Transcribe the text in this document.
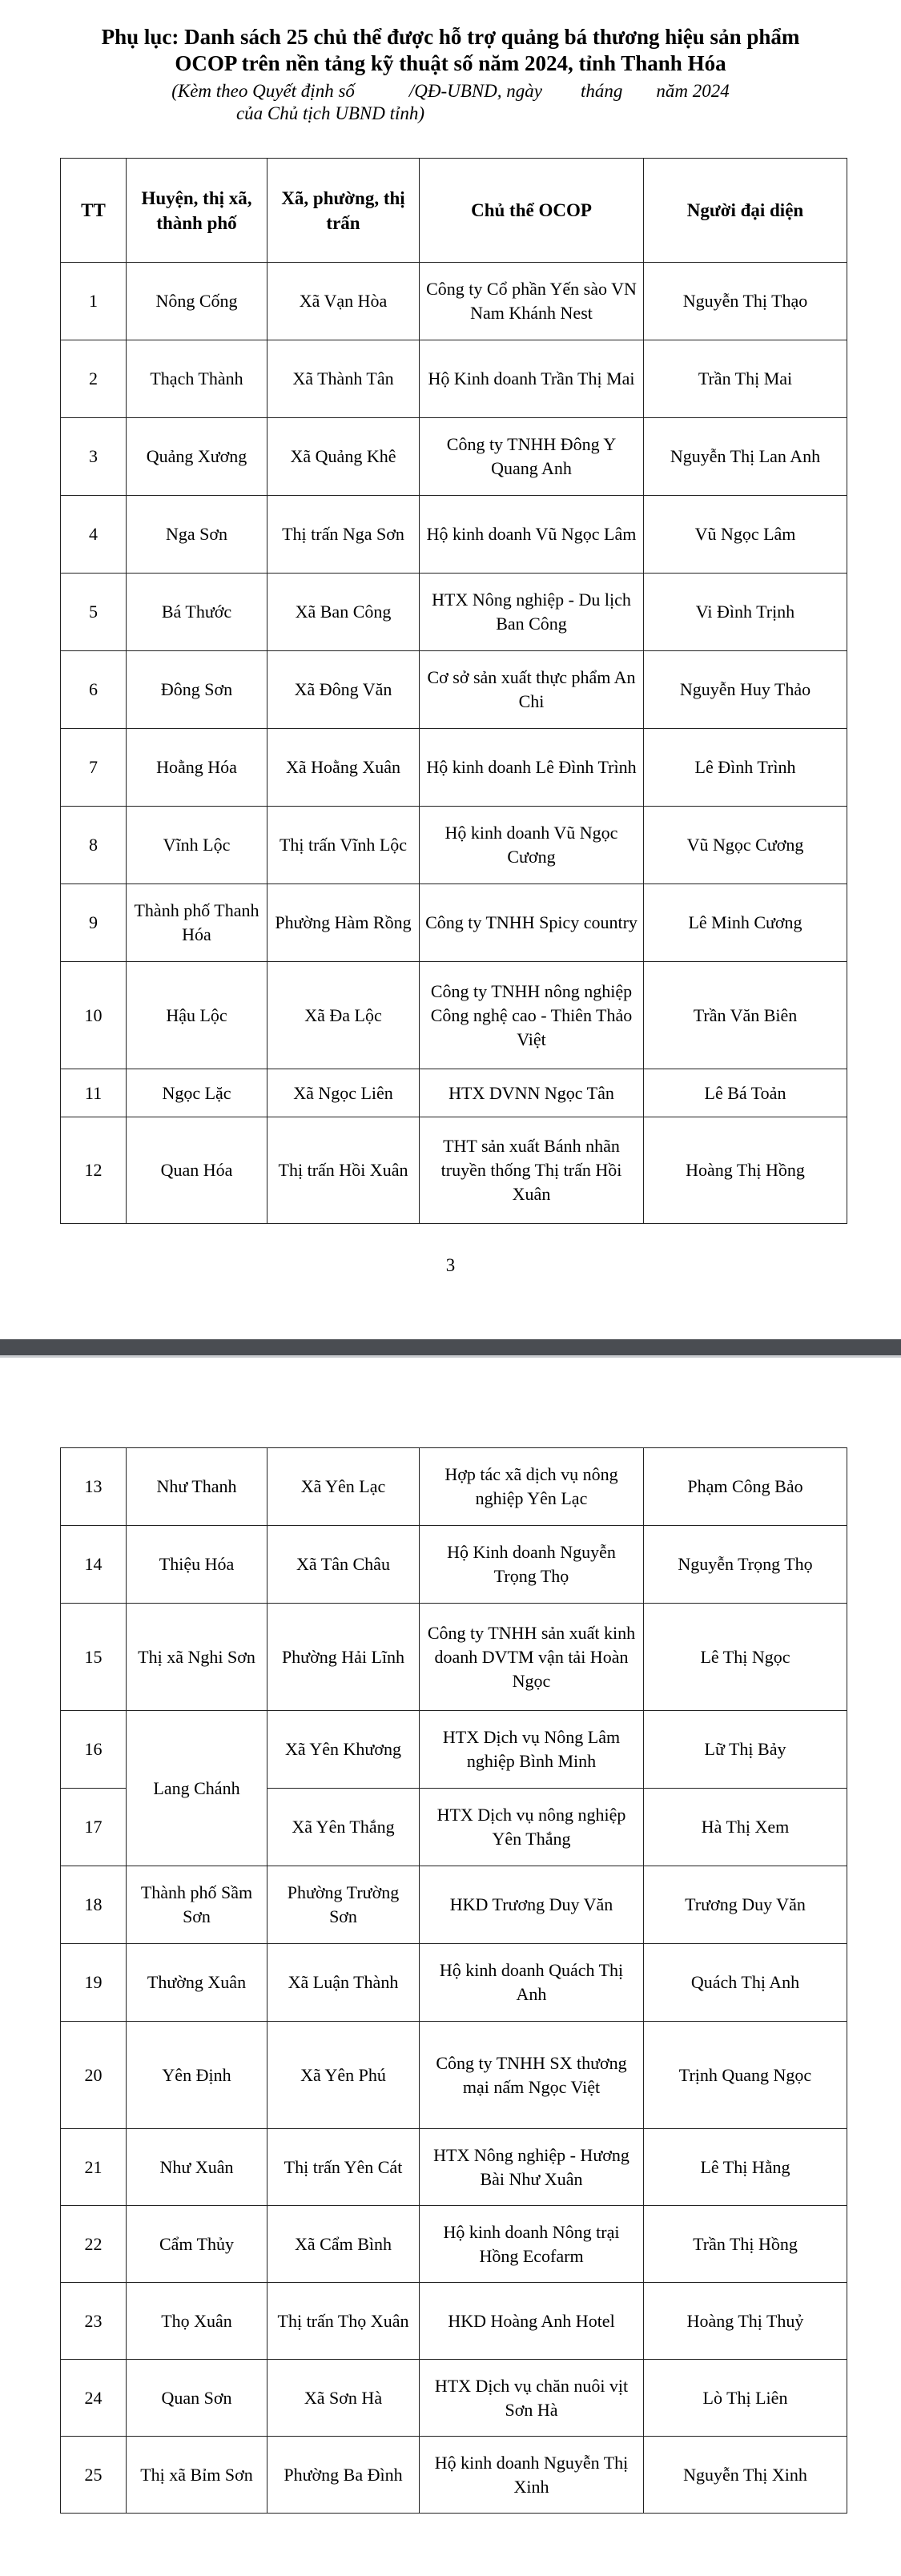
Phụ lục: Danh sách 25 chủ thể được hỗ trợ quảng bá thương hiệu sản phẩm
OCOP trên nền tảng kỹ thuật số năm 2024, tỉnh Thanh Hóa
(Kèm theo Quyết định số	/QĐ-UBND, ngày tháng năm 2024
của Chủ tịch UBND tỉnh)
TT	Huyện, thị xã, thành phố	Xã, phường, thị trấn	Chủ thể OCOP	Người đại diện
1	Nông Cống	Xã Vạn Hòa	Công ty Cổ phần Yến sào VN Nam Khánh Nest	Nguyễn Thị Thạo
2	Thạch Thành	Xã Thành Tân	Hộ Kinh doanh Trần Thị Mai	Trần Thị Mai
3	Quảng Xương	Xã Quảng Khê	Công ty TNHH Đông Y Quang Anh	Nguyễn Thị Lan Anh
4	Nga Sơn	Thị trấn Nga Sơn	Hộ kinh doanh Vũ Ngọc Lâm	Vũ Ngọc Lâm
5	Bá Thước	Xã Ban Công	HTX Nông nghiệp - Du lịch Ban Công	Vi Đình Trịnh
6	Đông Sơn	Xã Đông Văn	Cơ sở sản xuất thực phẩm An Chi	Nguyễn Huy Thảo
7	Hoằng Hóa	Xã Hoằng Xuân	Hộ kinh doanh Lê Đình Trình	Lê Đình Trình
8	Vĩnh Lộc	Thị trấn Vĩnh Lộc	Hộ kinh doanh Vũ Ngọc Cương	Vũ Ngọc Cương
9	Thành phố Thanh Hóa	Phường Hàm Rồng	Công ty TNHH Spicy country	Lê Minh Cương
10	Hậu Lộc	Xã Đa Lộc	Công ty TNHH nông nghiệp Công nghệ cao - Thiên Thảo Việt	Trần Văn Biên
11	Ngọc Lặc	Xã Ngọc Liên	HTX DVNN Ngọc Tân	Lê Bá Toản
12	Quan Hóa	Thị trấn Hồi Xuân	THT sản xuất Bánh nhãn truyền thống Thị trấn Hồi Xuân	Hoàng Thị Hồng
3
13	Như Thanh	Xã Yên Lạc	Hợp tác xã dịch vụ nông nghiệp Yên Lạc	Phạm Công Bảo
14	Thiệu Hóa	Xã Tân Châu	Hộ Kinh doanh Nguyễn Trọng Thọ	Nguyễn Trọng Thọ
15	Thị xã Nghi Sơn	Phường Hải Lĩnh	Công ty TNHH sản xuất kinh doanh DVTM vận tải Hoàn Ngọc	Lê Thị Ngọc
16	Lang Chánh	Xã Yên Khương	HTX Dịch vụ Nông Lâm nghiệp Bình Minh	Lữ Thị Bảy
17		Xã Yên Thắng	HTX Dịch vụ nông nghiệp Yên Thắng	Hà Thị Xem
18	Thành phố Sầm Sơn	Phường Trường Sơn	HKD Trương Duy Văn	Trương Duy Văn
19	Thường Xuân	Xã Luận Thành	Hộ kinh doanh Quách Thị Anh	Quách Thị Anh
20	Yên Định	Xã Yên Phú	Công ty TNHH SX thương mại nấm Ngọc Việt	Trịnh Quang Ngọc
21	Như Xuân	Thị trấn Yên Cát	HTX Nông nghiệp - Hương Bài Như Xuân	Lê Thị Hằng
22	Cẩm Thủy	Xã Cẩm Bình	Hộ kinh doanh Nông trại Hồng Ecofarm	Trần Thị Hồng
23	Thọ Xuân	Thị trấn Thọ Xuân	HKD Hoàng Anh Hotel	Hoàng Thị Thuỷ
24	Quan Sơn	Xã Sơn Hà	HTX Dịch vụ chăn nuôi vịt Sơn Hà	Lò Thị Liên
25	Thị xã Bỉm Sơn	Phường Ba Đình	Hộ kinh doanh Nguyễn Thị Xinh	Nguyễn Thị Xinh
